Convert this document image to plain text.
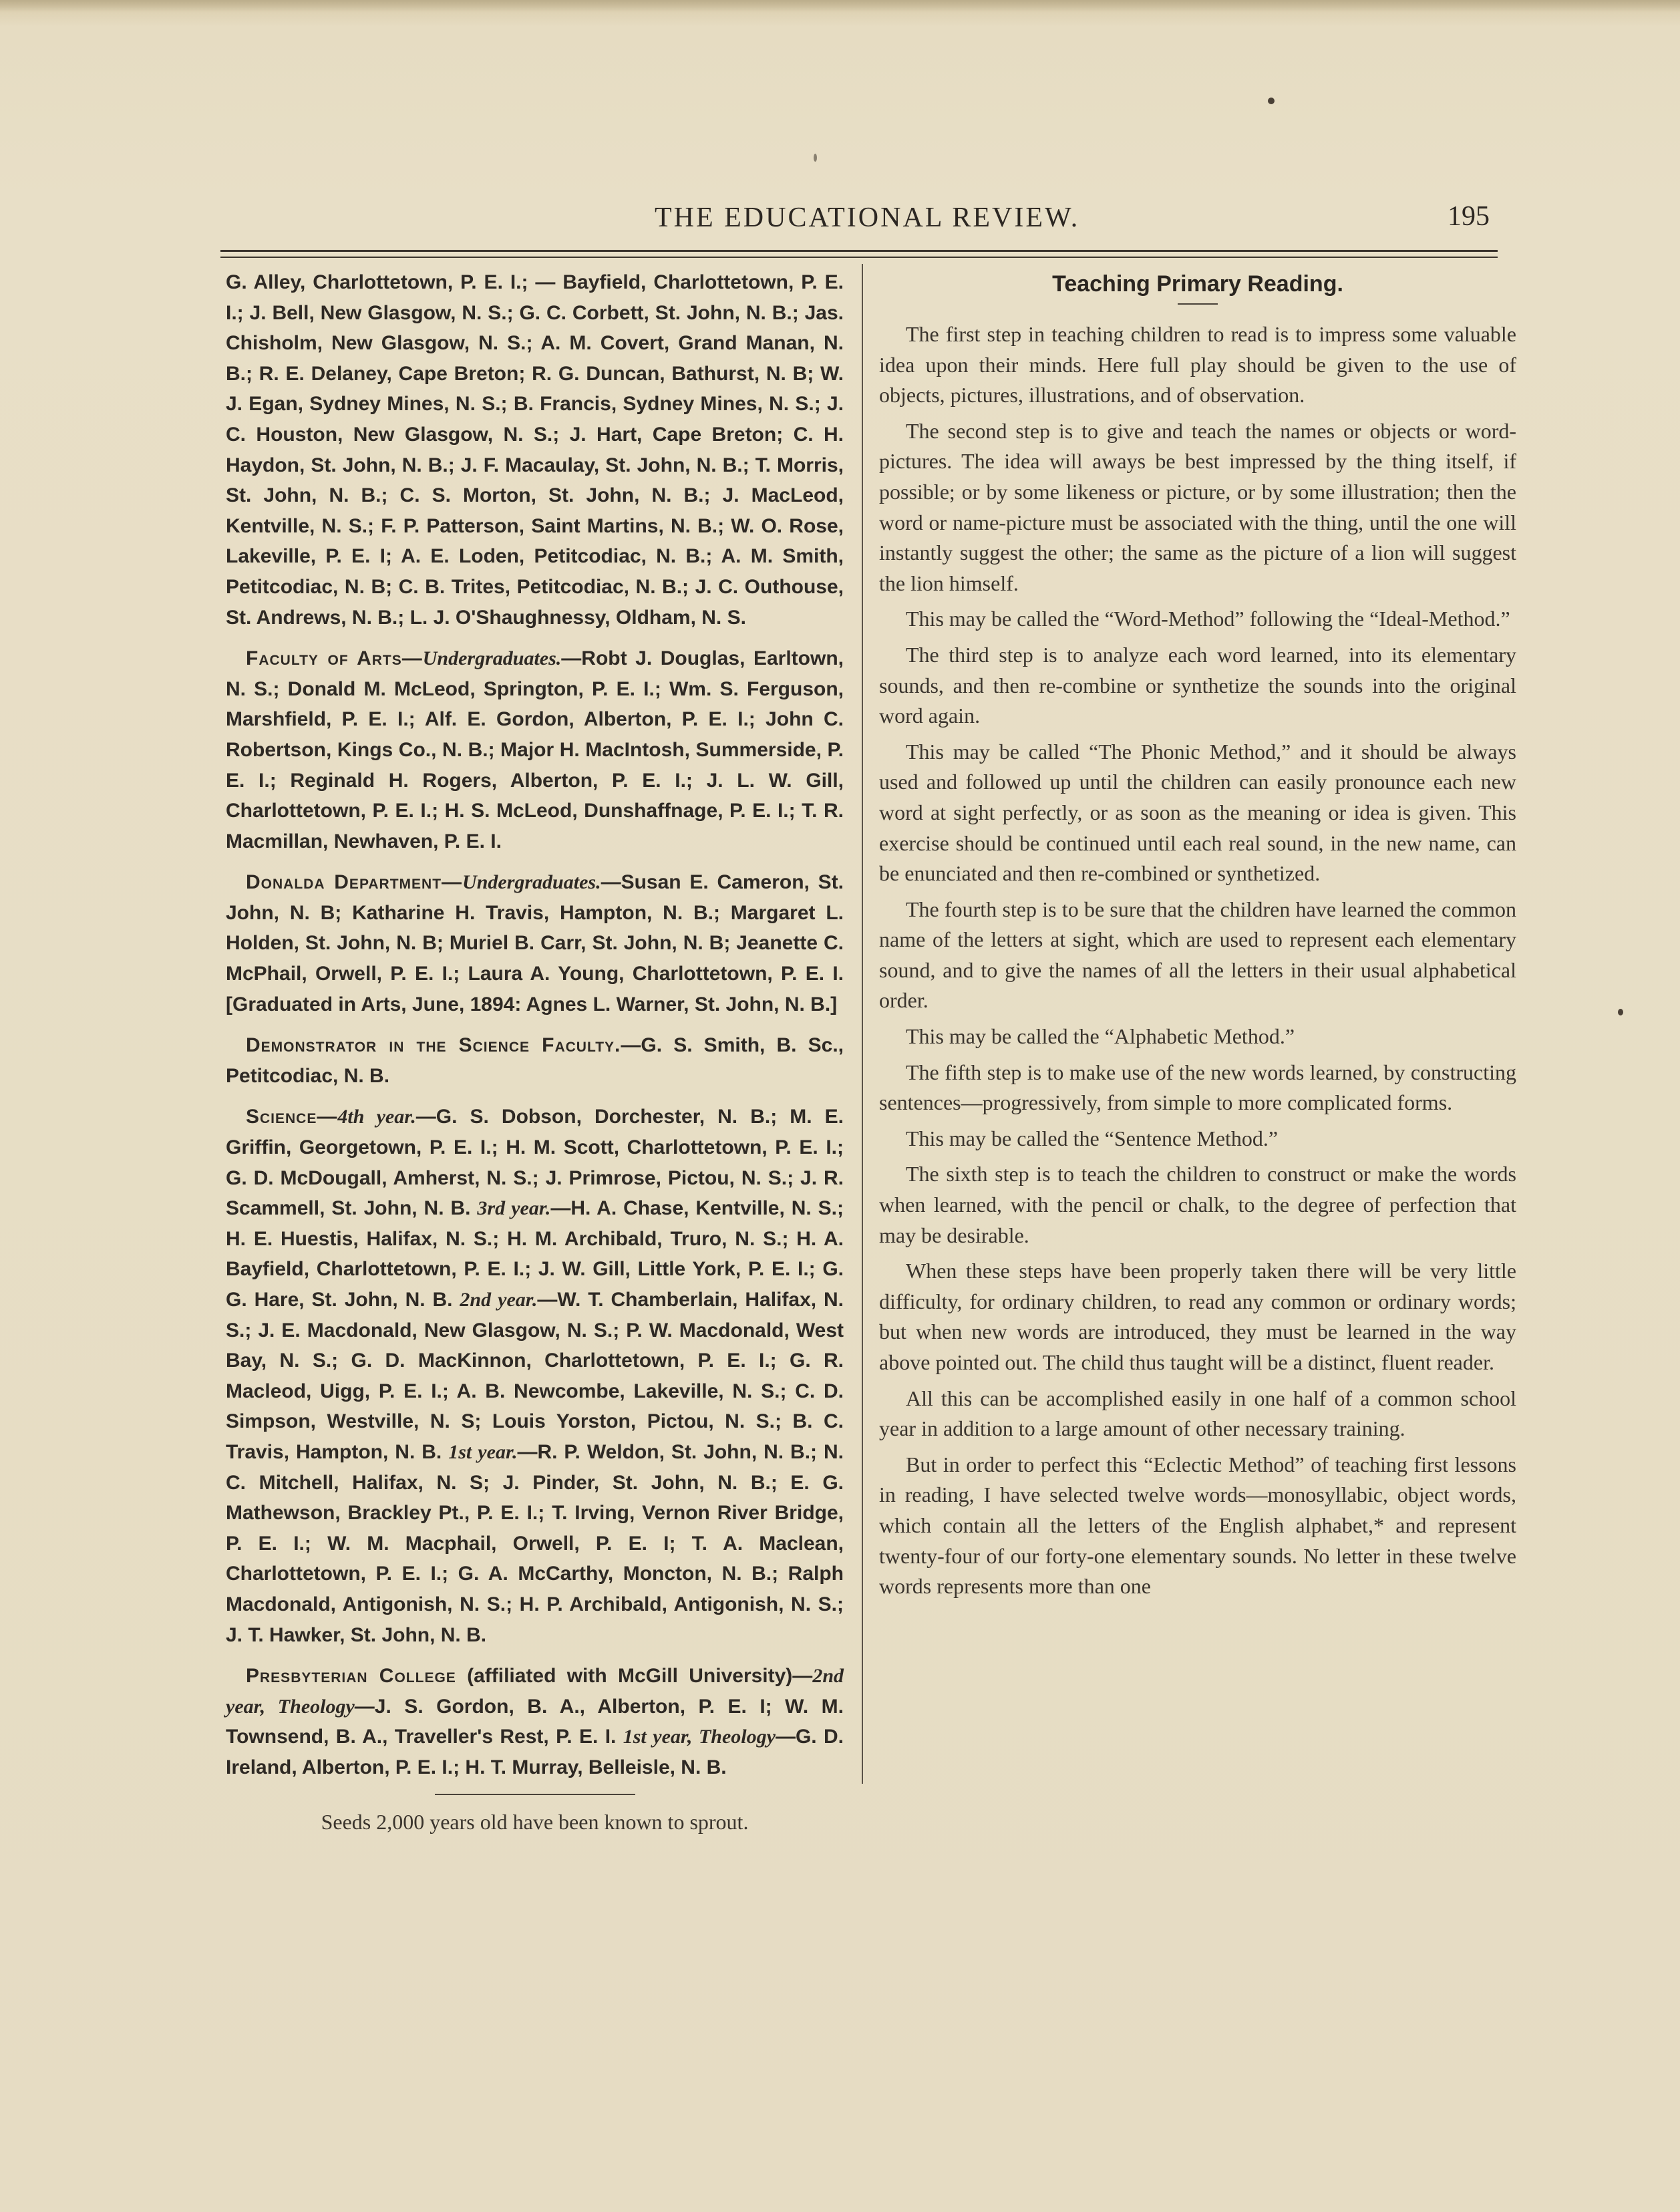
THE EDUCATIONAL REVIEW.	195

G. Alley, Charlottetown, P. E. I.; — Bayfield, Charlottetown, P. E. I.; J. Bell, New Glasgow, N. S.; G. C. Corbett, St. John, N. B.; Jas. Chisholm, New Glasgow, N. S.; A. M. Covert, Grand Manan, N. B.; R. E. Delaney, Cape Breton; R. G. Duncan, Bathurst, N. B; W. J. Egan, Sydney Mines, N. S.; B. Francis, Sydney Mines, N. S.; J. C. Houston, New Glasgow, N. S.; J. Hart, Cape Breton; C. H. Haydon, St. John, N. B.; J. F. Macaulay, St. John, N. B.; T. Morris, St. John, N. B.; C. S. Morton, St. John, N. B.; J. MacLeod, Kentville, N. S.; F. P. Patterson, Saint Martins, N. B.; W. O. Rose, Lakeville, P. E. I; A. E. Loden, Petitcodiac, N. B.; A. M. Smith, Petitcodiac, N. B; C. B. Trites, Petitcodiac, N. B.; J. C. Outhouse, St. Andrews, N. B.; L. J. O'Shaughnessy, Oldham, N. S.

Faculty of Arts—Undergraduates.—Robt J. Douglas, Earltown, N. S.; Donald M. McLeod, Springton, P. E. I.; Wm. S. Ferguson, Marshfield, P. E. I.; Alf. E. Gordon, Alberton, P. E. I.; John C. Robertson, Kings Co., N. B.; Major H. MacIntosh, Summerside, P. E. I.; Reginald H. Rogers, Alberton, P. E. I.; J. L. W. Gill, Charlottetown, P. E. I.; H. S. McLeod, Dunshaffnage, P. E. I.; T. R. Macmillan, Newhaven, P. E. I.

Donalda Department—Undergraduates.—Susan E. Cameron, St. John, N. B; Katharine H. Travis, Hampton, N. B.; Margaret L. Holden, St. John, N. B; Muriel B. Carr, St. John, N. B; Jeanette C. McPhail, Orwell, P. E. I.; Laura A. Young, Charlottetown, P. E. I. [Graduated in Arts, June, 1894: Agnes L. Warner, St. John, N. B.]

Demonstrator in the Science Faculty.—G. S. Smith, B. Sc., Petitcodiac, N. B.

Science—4th year.—G. S. Dobson, Dorchester, N. B.; M. E. Griffin, Georgetown, P. E. I.; H. M. Scott, Charlottetown, P. E. I.; G. D. McDougall, Amherst, N. S.; J. Primrose, Pictou, N. S.; J. R. Scammell, St. John, N. B. 3rd year.—H. A. Chase, Kentville, N. S.; H. E. Huestis, Halifax, N. S.; H. M. Archibald, Truro, N. S.; H. A. Bayfield, Charlottetown, P. E. I.; J. W. Gill, Little York, P. E. I.; G. G. Hare, St. John, N. B. 2nd year.—W. T. Chamberlain, Halifax, N. S.; J. E. Macdonald, New Glasgow, N. S.; P. W. Macdonald, West Bay, N. S.; G. D. MacKinnon, Charlottetown, P. E. I.; G. R. Macleod, Uigg, P. E. I.; A. B. Newcombe, Lakeville, N. S.; C. D. Simpson, Westville, N. S; Louis Yorston, Pictou, N. S.; B. C. Travis, Hampton, N. B. 1st year.—R. P. Weldon, St. John, N. B.; N. C. Mitchell, Halifax, N. S; J. Pinder, St. John, N. B.; E. G. Mathewson, Brackley Pt., P. E. I.; T. Irving, Vernon River Bridge, P. E. I.; W. M. Macphail, Orwell, P. E. I; T. A. Maclean, Charlottetown, P. E. I.; G. A. McCarthy, Moncton, N. B.; Ralph Macdonald, Antigonish, N. S.; H. P. Archibald, Antigonish, N. S.; J. T. Hawker, St. John, N. B.

Presbyterian College (affiliated with McGill University)—2nd year, Theology—J. S. Gordon, B. A., Alberton, P. E. I; W. M. Townsend, B. A., Traveller's Rest, P. E. I. 1st year, Theology—G. D. Ireland, Alberton, P. E. I.; H. T. Murray, Belleisle, N. B.

Seeds 2,000 years old have been known to sprout.
Teaching Primary Reading.

The first step in teaching children to read is to impress some valuable idea upon their minds. Here full play should be given to the use of objects, pictures, illustrations, and of observation.

The second step is to give and teach the names or objects or word-pictures. The idea will aways be best impressed by the thing itself, if possible; or by some likeness or picture, or by some illustration; then the word or name-picture must be associated with the thing, until the one will instantly suggest the other; the same as the picture of a lion will suggest the lion himself.

This may be called the “Word-Method” following the “Ideal-Method.”

The third step is to analyze each word learned, into its elementary sounds, and then re-combine or synthetize the sounds into the original word again.

This may be called “The Phonic Method,” and it should be always used and followed up until the children can easily pronounce each new word at sight perfectly, or as soon as the meaning or idea is given. This exercise should be continued until each real sound, in the new name, can be enunciated and then re-combined or synthetized.

The fourth step is to be sure that the children have learned the common name of the letters at sight, which are used to represent each elementary sound, and to give the names of all the letters in their usual alphabetical order.

This may be called the “Alphabetic Method.”

The fifth step is to make use of the new words learned, by constructing sentences—progressively, from simple to more complicated forms.

This may be called the “Sentence Method.”

The sixth step is to teach the children to construct or make the words when learned, with the pencil or chalk, to the degree of perfection that may be desirable.

When these steps have been properly taken there will be very little difficulty, for ordinary children, to read any common or ordinary words; but when new words are introduced, they must be learned in the way above pointed out. The child thus taught will be a distinct, fluent reader.

All this can be accomplished easily in one half of a common school year in addition to a large amount of other necessary training.

But in order to perfect this “Eclectic Method” of teaching first lessons in reading, I have selected twelve words—monosyllabic, object words, which contain all the letters of the English alphabet,* and represent twenty-four of our forty-one elementary sounds. No letter in these twelve words represents more than one
